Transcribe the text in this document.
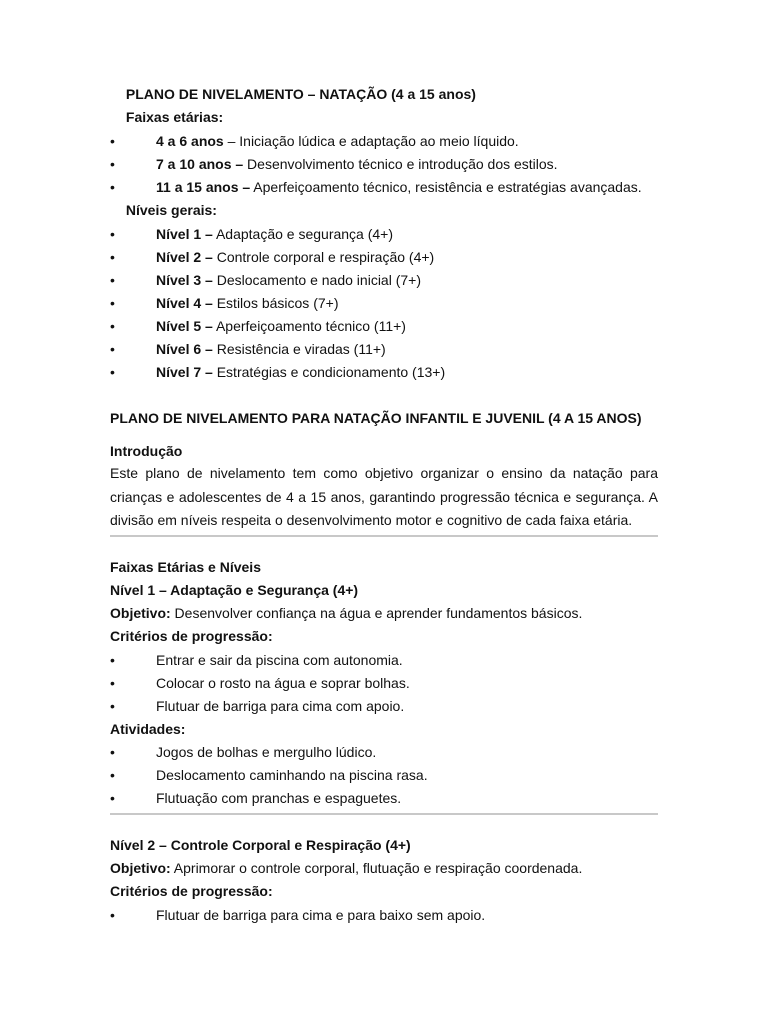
PLANO DE NIVELAMENTO – NATAÇÃO (4 a 15 anos)
Faixas etárias:
•	4 a 6 anos – Iniciação lúdica e adaptação ao meio líquido.
•	7 a 10 anos – Desenvolvimento técnico e introdução dos estilos.
•	11 a 15 anos – Aperfeiçoamento técnico, resistência e estratégias avançadas.
Níveis gerais:
•	Nível 1 – Adaptação e segurança (4+)
•	Nível 2 – Controle corporal e respiração (4+)
•	Nível 3 – Deslocamento e nado inicial (7+)
•	Nível 4 – Estilos básicos (7+)
•	Nível 5 – Aperfeiçoamento técnico (11+)
•	Nível 6 – Resistência e viradas (11+)
•	Nível 7 – Estratégias e condicionamento (13+)
PLANO DE NIVELAMENTO PARA NATAÇÃO INFANTIL E JUVENIL (4 A 15 ANOS)
Introdução
Este plano de nivelamento tem como objetivo organizar o ensino da natação para
crianças e adolescentes de 4 a 15 anos, garantindo progressão técnica e segurança. A
divisão em níveis respeita o desenvolvimento motor e cognitivo de cada faixa etária.
Faixas Etárias e Níveis
Nível 1 – Adaptação e Segurança (4+)
Objetivo: Desenvolver confiança na água e aprender fundamentos básicos.
Critérios de progressão:
•	Entrar e sair da piscina com autonomia.
•	Colocar o rosto na água e soprar bolhas.
•	Flutuar de barriga para cima com apoio.
Atividades:
•	Jogos de bolhas e mergulho lúdico.
•	Deslocamento caminhando na piscina rasa.
•	Flutuação com pranchas e espaguetes.
Nível 2 – Controle Corporal e Respiração (4+)
Objetivo: Aprimorar o controle corporal, flutuação e respiração coordenada.
Critérios de progressão:
•	Flutuar de barriga para cima e para baixo sem apoio.
